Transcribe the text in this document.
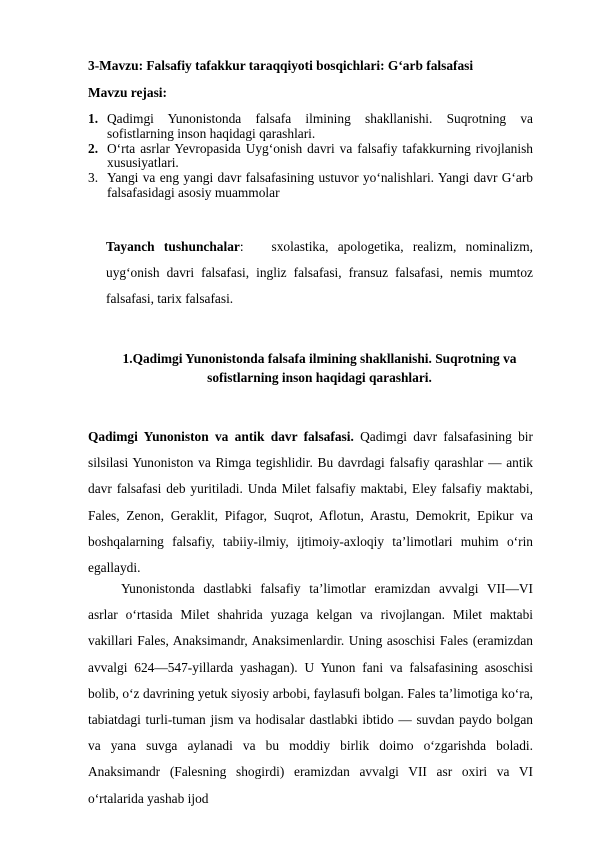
3-Mavzu: Falsafiy tafakkur taraqqiyoti bosqichlari: G‘arb falsafasi

Mavzu rejasi:

1. Qadimgi Yunonistonda falsafa ilmining shakllanishi. Suqrotning va sofistlarning inson haqidagi qarashlari.
2. O‘rta asrlar Yevropasida Uyg‘onish davri va falsafiy tafakkurning rivojlanish xususiyatlari.
3. Yangi va eng yangi davr falsafasining ustuvor yo‘nalishlari. Yangi davr G‘arb falsafasidagi asosiy muammolar

Tayanch tushunchalar: sxolastika, apologetika, realizm, nominalizm, uyg‘onish davri falsafasi, ingliz falsafasi, fransuz falsafasi, nemis mumtoz falsafasi, tarix falsafasi.

1.Qadimgi Yunonistonda falsafa ilmining shakllanishi. Suqrotning va sofistlarning inson haqidagi qarashlari.

Qadimgi Yunoniston va antik davr falsafasi. Qadimgi davr falsafasining bir silsilasi Yunoniston va Rimga tegishlidir. Bu davrdagi falsafiy qarashlar — antik davr falsafasi deb yuritiladi. Unda Milet falsafiy maktabi, Eley falsafiy maktabi, Fales, Zenon, Geraklit, Pifagor, Suqrot, Aflotun, Arastu, Demokrit, Epikur va boshqalarning falsafiy, tabiiy-ilmiy, ijtimoiy-axloqiy ta’limotlari muhim o‘rin egallaydi.

Yunonistonda dastlabki falsafiy ta’limotlar eramizdan avvalgi VII—VI asrlar o‘rtasida Milet shahrida yuzaga kelgan va rivojlangan. Milet maktabi vakillari Fales, Anaksimandr, Anaksimenlardir. Uning asoschisi Fales (eramizdan avvalgi 624—547-yillarda yashagan). U Yunon fani va falsafasining asoschisi bolib, o‘z davrining yetuk siyosiy arbobi, faylasufi bolgan. Fales ta’limotiga ko‘ra, tabiatdagi turli-tuman jism va hodisalar dastlabki ibtido — suvdan paydo bolgan va yana suvga aylanadi va bu moddiy birlik doimo o‘zgarishda boladi. Anaksimandr (Falesning shogirdi) eramizdan avvalgi VII asr oxiri va VI o‘rtalarida yashab ijod
